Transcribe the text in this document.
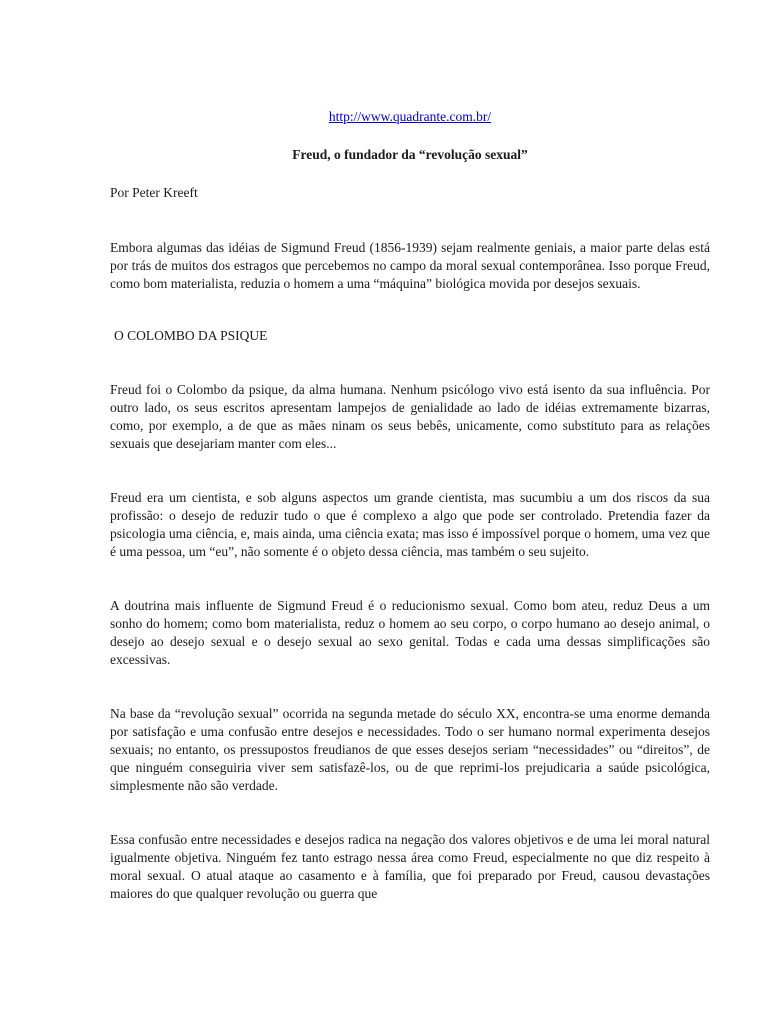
http://www.quadrante.com.br/
Freud, o fundador da “revolução sexual”
Por Peter Kreeft

Embora algumas das idéias de Sigmund Freud (1856-1939) sejam realmente geniais, a maior parte delas está por trás de muitos dos estragos que percebemos no campo da moral sexual contemporânea. Isso porque Freud, como bom materialista, reduzia o homem a uma “máquina” biológica movida por desejos sexuais.

O COLOMBO DA PSIQUE

Freud foi o Colombo da psique, da alma humana. Nenhum psicólogo vivo está isento da sua influência. Por outro lado, os seus escritos apresentam lampejos de genialidade ao lado de idéias extremamente bizarras, como, por exemplo, a de que as mães ninam os seus bebês, unicamente, como substituto para as relações sexuais que desejariam manter com eles...

Freud era um cientista, e sob alguns aspectos um grande cientista, mas sucumbiu a um dos riscos da sua profissão: o desejo de reduzir tudo o que é complexo a algo que pode ser controlado. Pretendia fazer da psicologia uma ciência, e, mais ainda, uma ciência exata; mas isso é impossível porque o homem, uma vez que é uma pessoa, um “eu”, não somente é o objeto dessa ciência, mas também o seu sujeito.

A doutrina mais influente de Sigmund Freud é o reducionismo sexual. Como bom ateu, reduz Deus a um sonho do homem; como bom materialista, reduz o homem ao seu corpo, o corpo humano ao desejo animal, o desejo ao desejo sexual e o desejo sexual ao sexo genital. Todas e cada uma dessas simplificações são excessivas.

Na base da “revolução sexual” ocorrida na segunda metade do século XX, encontra-se uma enorme demanda por satisfação e uma confusão entre desejos e necessidades. Todo o ser humano normal experimenta desejos sexuais; no entanto, os pressupostos freudianos de que esses desejos seriam “necessidades” ou “direitos”, de que ninguém conseguiria viver sem satisfazê-los, ou de que reprimi-los prejudicaria a saúde psicológica, simplesmente não são verdade.

Essa confusão entre necessidades e desejos radica na negação dos valores objetivos e de uma lei moral natural igualmente objetiva. Ninguém fez tanto estrago nessa área como Freud, especialmente no que diz respeito à moral sexual. O atual ataque ao casamento e à família, que foi preparado por Freud, causou devastações maiores do que qualquer revolução ou guerra que
